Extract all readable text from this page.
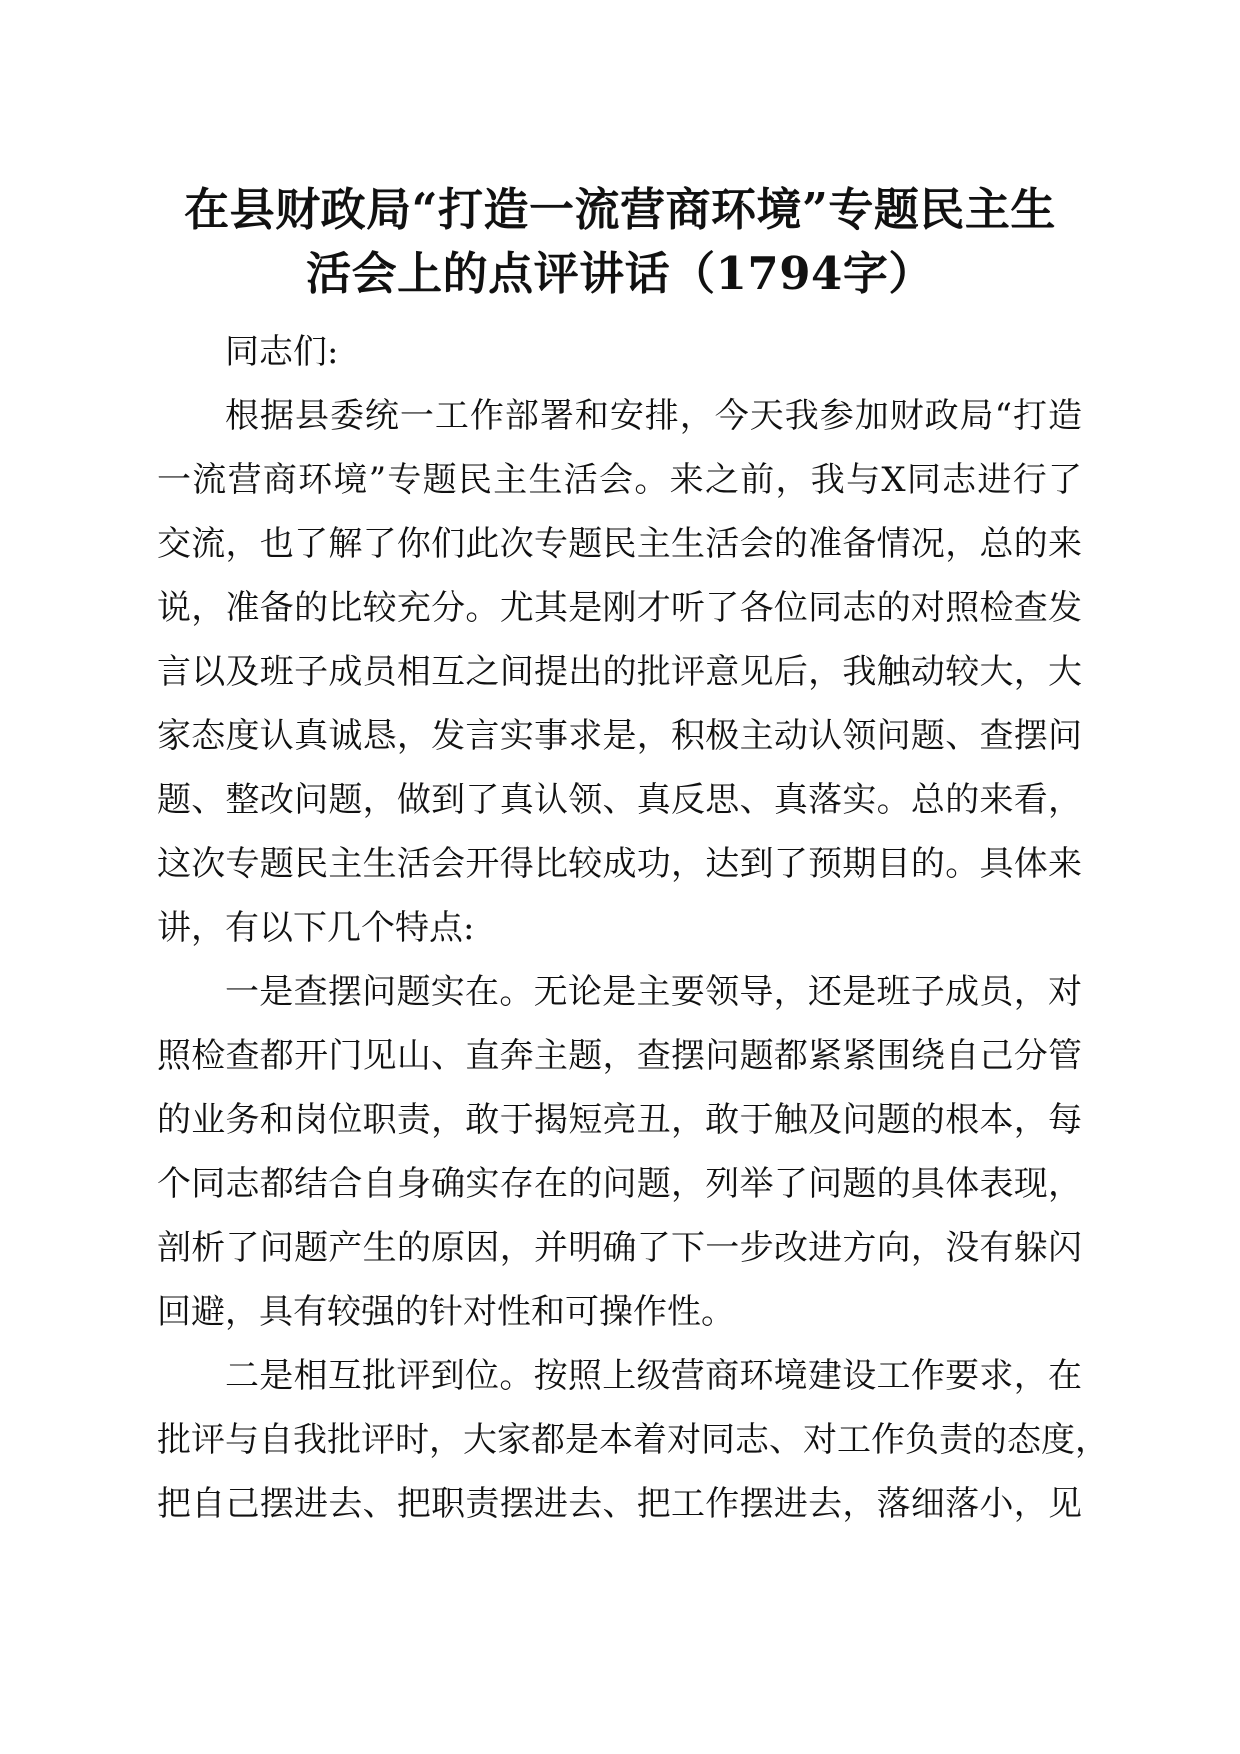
在县财政局“打造一流营商环境”专题民主生
活会上的点评讲话（1794字）
同志们:
根据县委统一工作部署和安排，今天我参加财政局“打造
一流营商环境”专题民主生活会。来之前，我与X同志进行了
交流，也了解了你们此次专题民主生活会的准备情况，总的来
说，准备的比较充分。尤其是刚才听了各位同志的对照检查发
言以及班子成员相互之间提出的批评意见后，我触动较大，大
家态度认真诚恳，发言实事求是，积极主动认领问题、查摆问
题、整改问题，做到了真认领、真反思、真落实。总的来看，
这次专题民主生活会开得比较成功，达到了预期目的。具体来
讲，有以下几个特点:
一是查摆问题实在。无论是主要领导，还是班子成员，对
照检查都开门见山、直奔主题，查摆问题都紧紧围绕自己分管
的业务和岗位职责，敢于揭短亮丑，敢于触及问题的根本，每
个同志都结合自身确实存在的问题，列举了问题的具体表现，
剖析了问题产生的原因，并明确了下一步改进方向，没有躲闪
回避，具有较强的针对性和可操作性。
二是相互批评到位。按照上级营商环境建设工作要求，在
批评与自我批评时，大家都是本着对同志、对工作负责的态度，
把自己摆进去、把职责摆进去、把工作摆进去，落细落小，见
